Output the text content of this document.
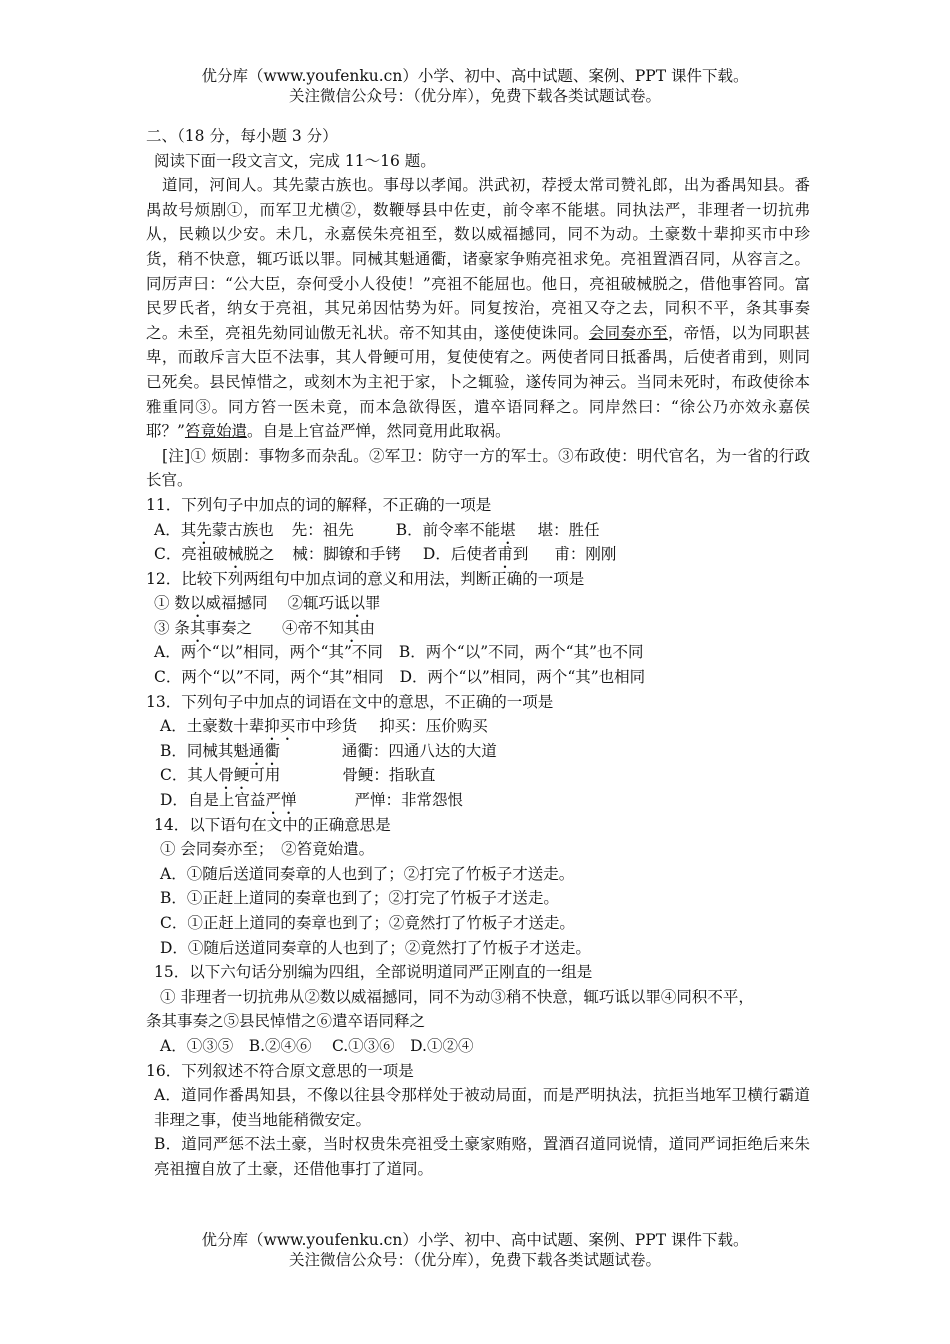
优分库（www.youfenku.cn）小学、初中、高中试题、案例、PPT 课件下载。
关注微信公众号：（优分库），免费下载各类试题试卷。
二、（18 分，每小题 3 分）
阅读下面一段文言文，完成 11～16 题。
道同，河间人。其先蒙古族也。事母以孝闻。洪武初，荐授太常司赞礼郎，出为番禺知县。番禺故号烦剧①，而军卫尤横②，数鞭辱县中佐吏，前令率不能堪。同执法严，非理者一切抗弗从，民赖以少安。未几，永嘉侯朱亮祖至，数以威福撼同，同不为动。土豪数十辈抑买市中珍货，稍不快意，辄巧诋以罪。同械其魁通衢，诸豪家争贿亮祖求免。亮祖置酒召同，从容言之。同厉声曰：“公大臣，奈何受小人役使！”亮祖不能屈也。他日，亮祖破械脱之，借他事笞同。富民罗氏者，纳女于亮祖，其兄弟因怙势为奸。同复按治，亮祖又夺之去，同积不平，条其事奏之。未至，亮祖先劾同讪傲无礼状。帝不知其由，遂使使诛同。会同奏亦至，帝悟，以为同职甚卑，而敢斥言大臣不法事，其人骨鲠可用，复使使宥之。两使者同日抵番禺，后使者甫到，则同已死矣。县民悼惜之，或刻木为主祀于家，卜之辄验，遂传同为神云。当同未死时，布政使徐本雅重同③。同方笞一医未竟，而本急欲得医，遣卒语同释之。同岸然曰：“徐公乃亦效永嘉侯耶？”笞竟始遣。自是上官益严惮，然同竟用此取祸。
[注]① 烦剧：事物多而杂乱。②军卫：防守一方的军士。③布政使：明代官名，为一省的行政长官。
11．下列句子中加点的词的解释，不正确的一项是
A．其先蒙古族也 先：祖先	B．前令率不能堪 堪：胜任
C．亮祖破械脱之 械：脚镣和手铐 D．后使者甫到 甫：刚刚
12．比较下列两组句中加点词的意义和用法，判断正确的一项是
① 数以威福撼同 ②辄巧诋以罪
③ 条其事奏之 ④帝不知其由
A．两个“以”相同，两个“其”不同 B．两个“以”不同，两个“其”也不同
C．两个“以”不同，两个“其”相同 D．两个“以”相同，两个“其”也相同
13．下列句子中加点的词语在文中的意思，不正确的一项是
A．土豪数十辈抑买市中珍货 抑买：压价购买
B．同械其魁通衢	通衢：四通八达的大道
C．其人骨鲠可用	骨鲠：指耿直
D．自是上官益严惮	严惮：非常怨恨
14．以下语句在文中的正确意思是
① 会同奏亦至；　②笞竟始遣。
A．①随后送道同奏章的人也到了；②打完了竹板子才送走。
B．①正赶上道同的奏章也到了；②打完了竹板子才送走。
C．①正赶上道同的奏章也到了；②竟然打了竹板子才送走。
D．①随后送道同奏章的人也到了；②竟然打了竹板子才送走。
15．以下六句话分别编为四组，全部说明道同严正刚直的一组是
① 非理者一切抗弗从②数以威福撼同，同不为动③稍不快意，辄巧诋以罪④同积不平，
条其事奏之⑤县民悼惜之⑥遣卒语同释之
A．①③⑤　B.②④⑥　 C.①③⑥　D.①②④
16．下列叙述不符合原文意思的一项是
A．道同作番禺知县，不像以往县令那样处于被动局面，而是严明执法，抗拒当地军卫横行霸道非理之事，使当地能稍微安定。
B．道同严惩不法土豪，当时权贵朱亮祖受土豪家贿赂，置酒召道同说情，道同严词拒绝后来朱亮祖擅自放了土豪，还借他事打了道同。
优分库（www.youfenku.cn）小学、初中、高中试题、案例、PPT 课件下载。
关注微信公众号：（优分库），免费下载各类试题试卷。
